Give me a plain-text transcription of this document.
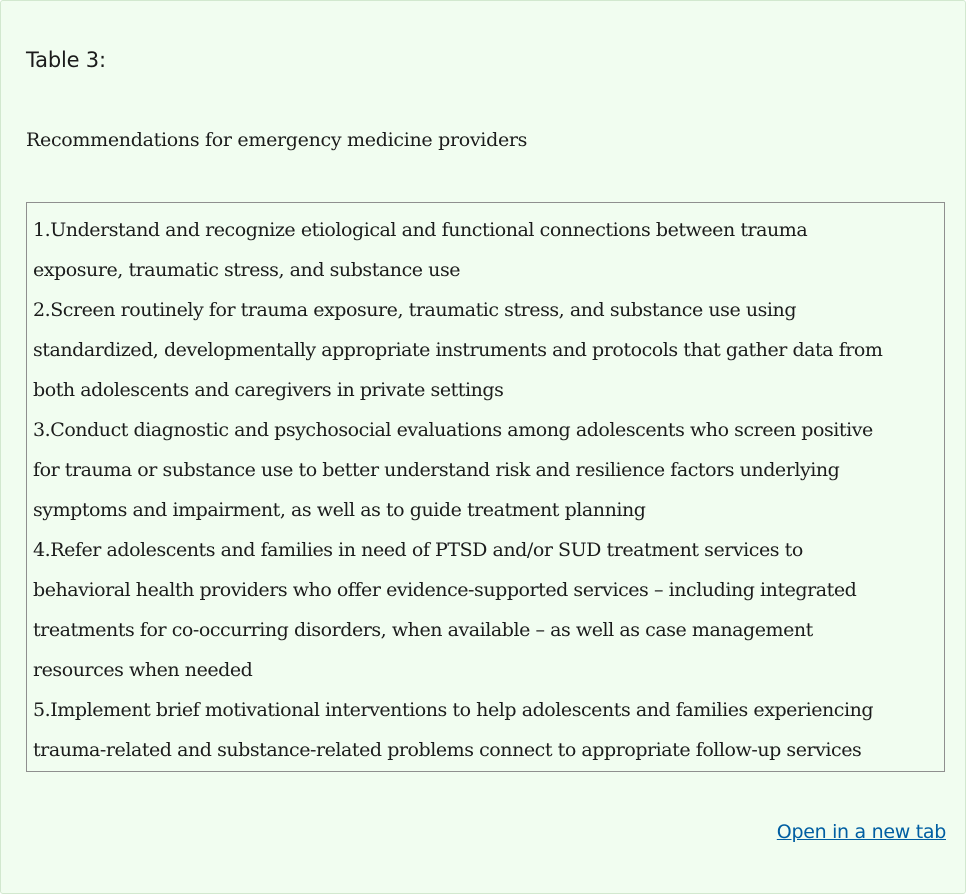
Table 3:
Recommendations for emergency medicine providers
1.Understand and recognize etiological and functional connections between trauma
exposure, traumatic stress, and substance use
2.Screen routinely for trauma exposure, traumatic stress, and substance use using
standardized, developmentally appropriate instruments and protocols that gather data from
both adolescents and caregivers in private settings
3.Conduct diagnostic and psychosocial evaluations among adolescents who screen positive
for trauma or substance use to better understand risk and resilience factors underlying
symptoms and impairment, as well as to guide treatment planning
4.Refer adolescents and families in need of PTSD and/or SUD treatment services to
behavioral health providers who offer evidence-supported services – including integrated
treatments for co-occurring disorders, when available – as well as case management
resources when needed
5.Implement brief motivational interventions to help adolescents and families experiencing
trauma-related and substance-related problems connect to appropriate follow-up services
Open in a new tab
